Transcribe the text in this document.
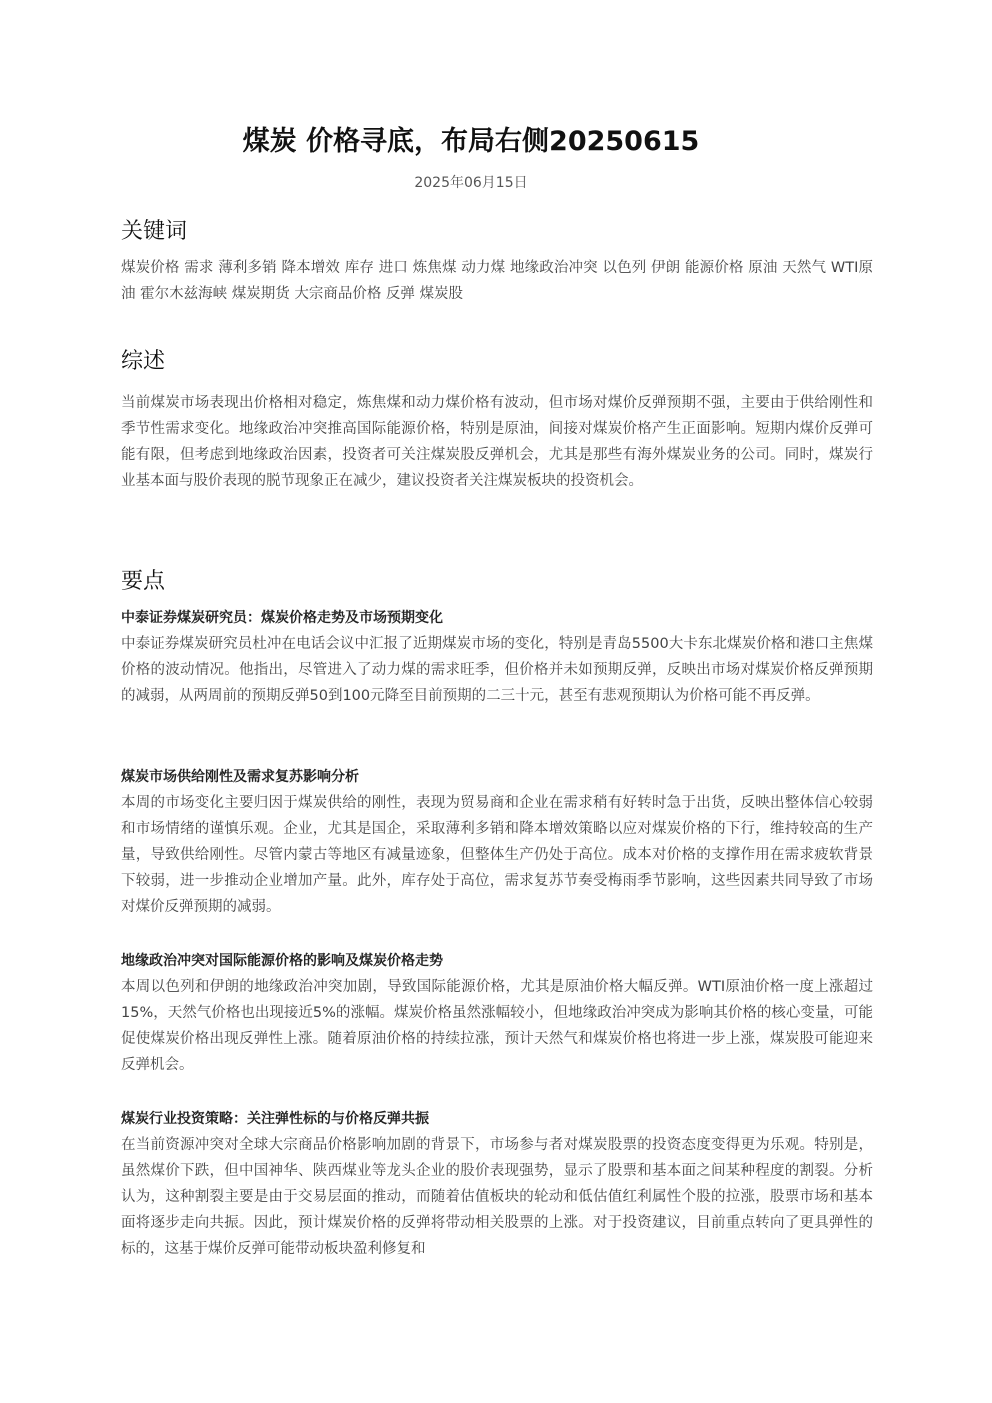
煤炭 价格寻底，布局右侧20250615
2025年06月15日
关键词
煤炭价格 需求 薄利多销 降本增效 库存 进口 炼焦煤 动力煤 地缘政治冲突 以色列 伊朗 能源价格 原油 天然气 WTI原油 霍尔木兹海峡 煤炭期货 大宗商品价格 反弹 煤炭股
综述
当前煤炭市场表现出价格相对稳定，炼焦煤和动力煤价格有波动，但市场对煤价反弹预期不强，主要由于供给刚性和季节性需求变化。地缘政治冲突推高国际能源价格，特别是原油，间接对煤炭价格产生正面影响。短期内煤价反弹可能有限，但考虑到地缘政治因素，投资者可关注煤炭股反弹机会，尤其是那些有海外煤炭业务的公司。同时，煤炭行业基本面与股价表现的脱节现象正在减少，建议投资者关注煤炭板块的投资机会。
要点
中泰证券煤炭研究员：煤炭价格走势及市场预期变化
中泰证券煤炭研究员杜冲在电话会议中汇报了近期煤炭市场的变化，特别是青岛5500大卡东北煤炭价格和港口主焦煤价格的波动情况。他指出，尽管进入了动力煤的需求旺季，但价格并未如预期反弹，反映出市场对煤炭价格反弹预期的减弱，从两周前的预期反弹50到100元降至目前预期的二三十元，甚至有悲观预期认为价格可能不再反弹。
煤炭市场供给刚性及需求复苏影响分析
本周的市场变化主要归因于煤炭供给的刚性，表现为贸易商和企业在需求稍有好转时急于出货，反映出整体信心较弱和市场情绪的谨慎乐观。企业，尤其是国企，采取薄利多销和降本增效策略以应对煤炭价格的下行，维持较高的生产量，导致供给刚性。尽管内蒙古等地区有减量迹象，但整体生产仍处于高位。成本对价格的支撑作用在需求疲软背景下较弱，进一步推动企业增加产量。此外，库存处于高位，需求复苏节奏受梅雨季节影响，这些因素共同导致了市场对煤价反弹预期的减弱。
地缘政治冲突对国际能源价格的影响及煤炭价格走势
本周以色列和伊朗的地缘政治冲突加剧，导致国际能源价格，尤其是原油价格大幅反弹。WTI原油价格一度上涨超过15%，天然气价格也出现接近5%的涨幅。煤炭价格虽然涨幅较小，但地缘政治冲突成为影响其价格的核心变量，可能促使煤炭价格出现反弹性上涨。随着原油价格的持续拉涨，预计天然气和煤炭价格也将进一步上涨，煤炭股可能迎来反弹机会。
煤炭行业投资策略：关注弹性标的与价格反弹共振
在当前资源冲突对全球大宗商品价格影响加剧的背景下，市场参与者对煤炭股票的投资态度变得更为乐观。特别是，虽然煤价下跌，但中国神华、陕西煤业等龙头企业的股价表现强势，显示了股票和基本面之间某种程度的割裂。分析认为，这种割裂主要是由于交易层面的推动，而随着估值板块的轮动和低估值红利属性个股的拉涨，股票市场和基本面将逐步走向共振。因此，预计煤炭价格的反弹将带动相关股票的上涨。对于投资建议，目前重点转向了更具弹性的标的，这基于煤价反弹可能带动板块盈利修复和
